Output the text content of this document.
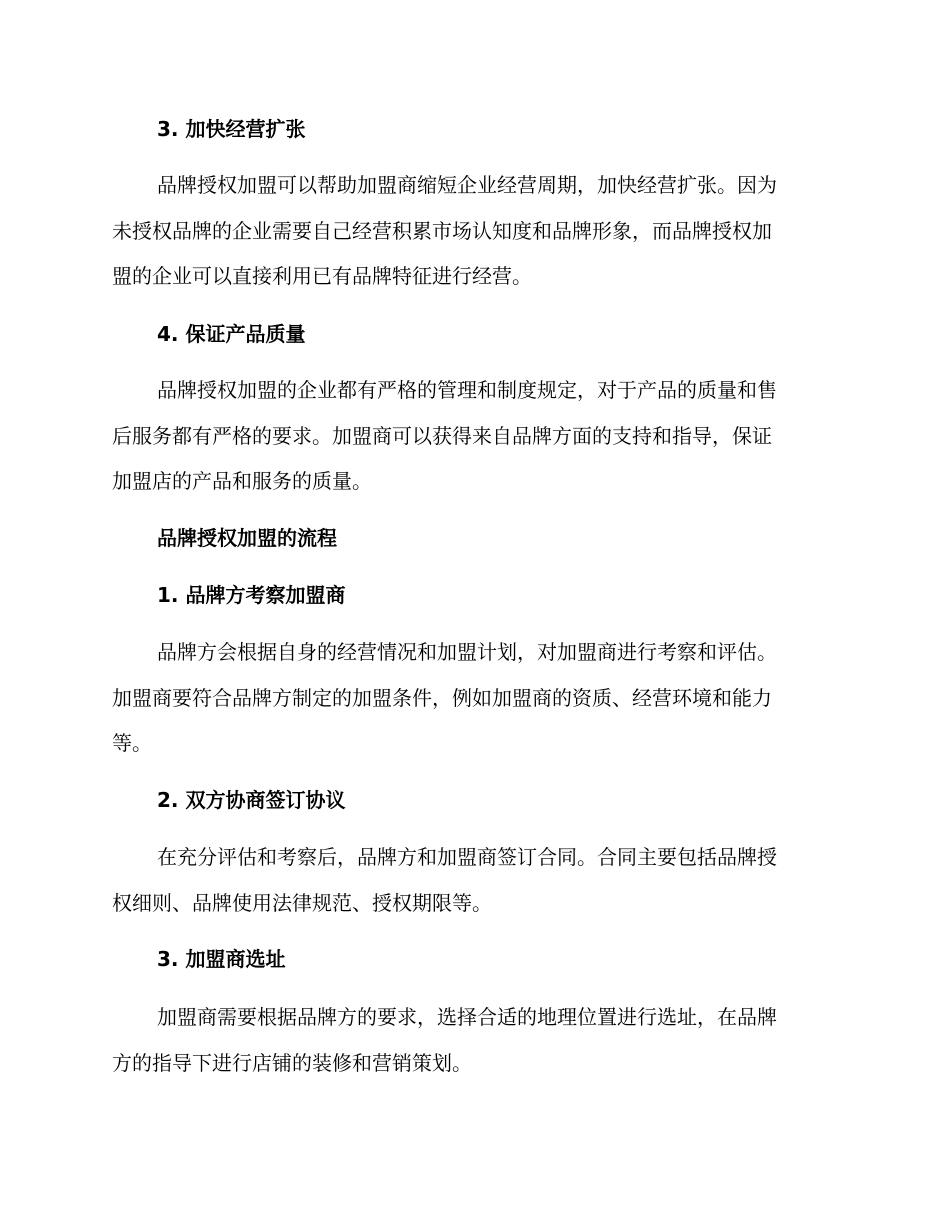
3. 加快经营扩张
品牌授权加盟可以帮助加盟商缩短企业经营周期，加快经营扩张。因为
未授权品牌的企业需要自己经营积累市场认知度和品牌形象，而品牌授权加
盟的企业可以直接利用已有品牌特征进行经营。
4. 保证产品质量
品牌授权加盟的企业都有严格的管理和制度规定，对于产品的质量和售
后服务都有严格的要求。加盟商可以获得来自品牌方面的支持和指导，保证
加盟店的产品和服务的质量。
品牌授权加盟的流程
1. 品牌方考察加盟商
品牌方会根据自身的经营情况和加盟计划，对加盟商进行考察和评估。
加盟商要符合品牌方制定的加盟条件，例如加盟商的资质、经营环境和能力
等。
2. 双方协商签订协议
在充分评估和考察后，品牌方和加盟商签订合同。合同主要包括品牌授
权细则、品牌使用法律规范、授权期限等。
3. 加盟商选址
加盟商需要根据品牌方的要求，选择合适的地理位置进行选址，在品牌
方的指导下进行店铺的装修和营销策划。
